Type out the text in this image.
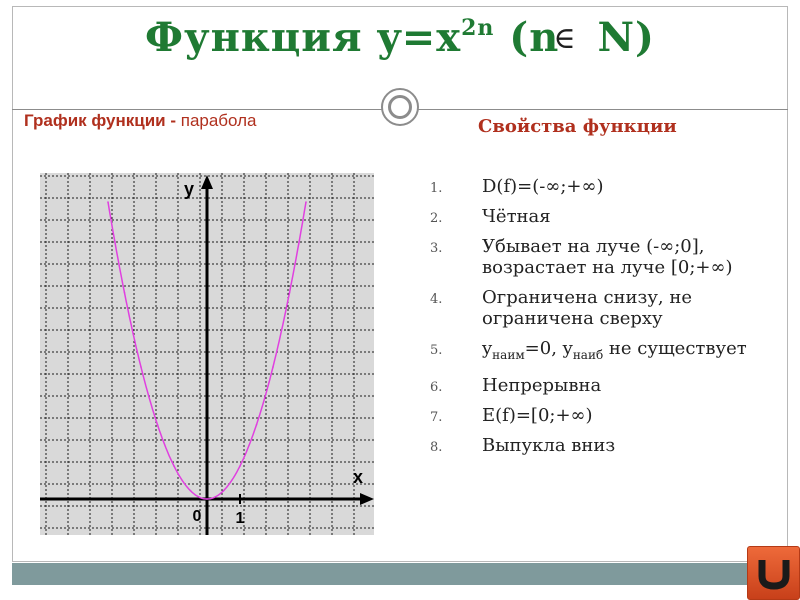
Функция $y=x^{2n}$ (n∈ N)
График функции - парабола	Свойства функции
y
x
0 1
1. D(f)=(-∞;+∞)
2. Чётная
3. Убывает на луче (-∞;0], возрастает на луче [0;+∞)
4. Ограничена снизу, не ограничена сверху
5. $y_{наим}=0$, $y_{наиб}$ не существует
6. Непрерывна
7. E(f)=[0;+∞)
8. Выпукла вниз
